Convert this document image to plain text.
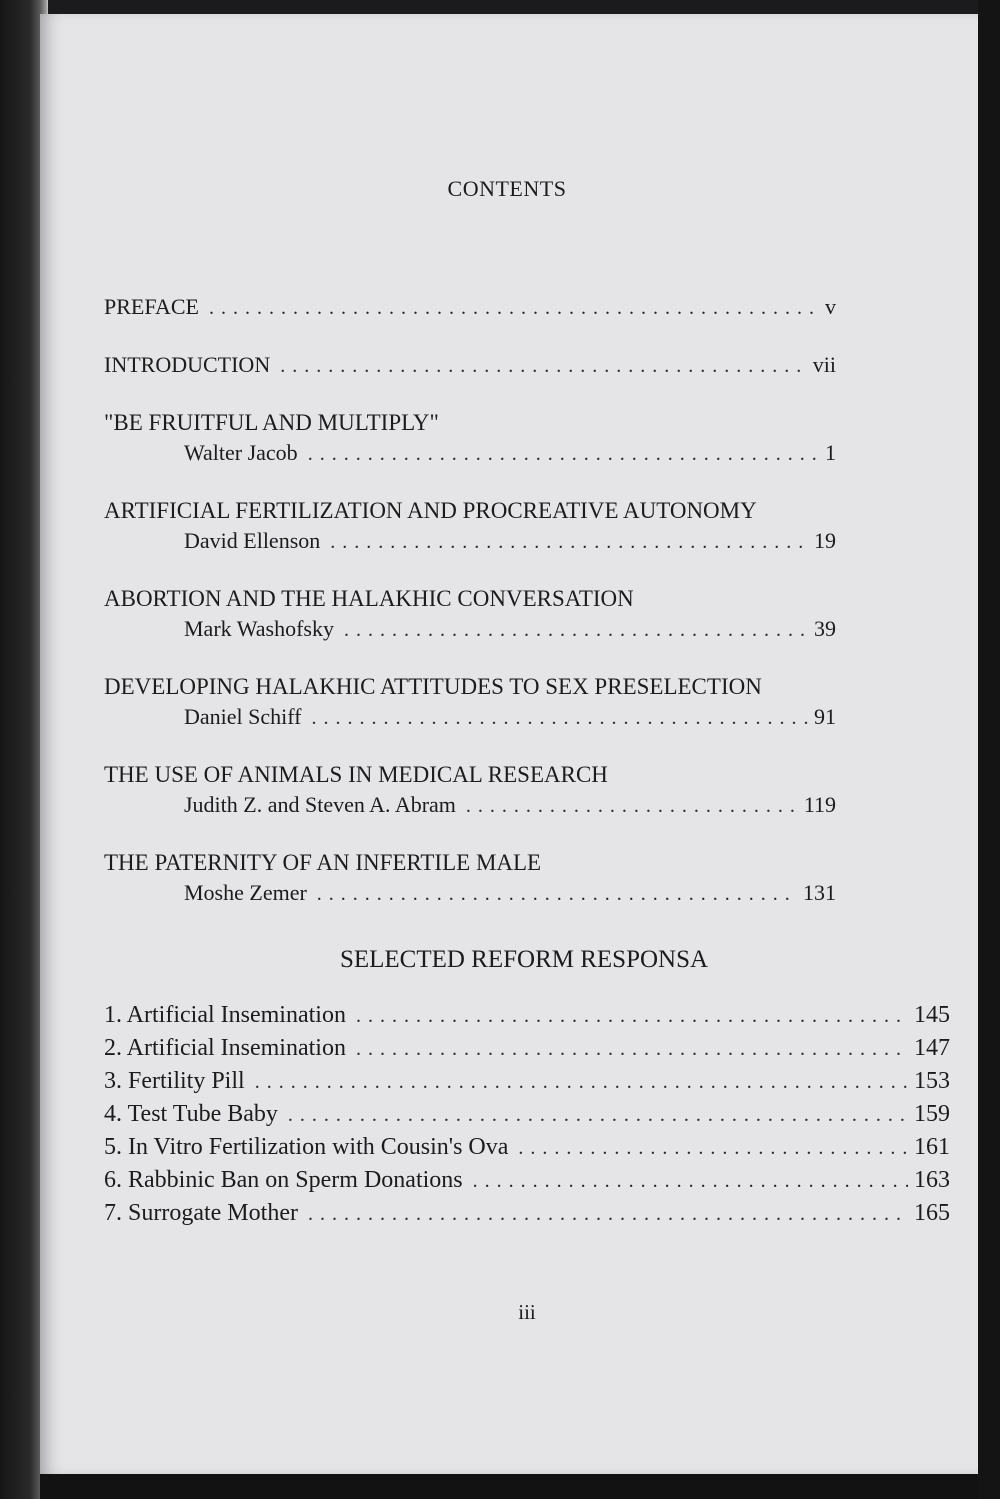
CONTENTS
PREFACE . . .	v
INTRODUCTION . . .	vii
"BE FRUITFUL AND MULTIPLY"
Walter Jacob . . .	1
ARTIFICIAL FERTILIZATION AND PROCREATIVE AUTONOMY
David Ellenson . . .	19
ABORTION AND THE HALAKHIC CONVERSATION
Mark Washofsky . . .	39
DEVELOPING HALAKHIC ATTITUDES TO SEX PRESELECTION
Daniel Schiff . . .	91
THE USE OF ANIMALS IN MEDICAL RESEARCH
Judith Z. and Steven A. Abram . . .	119
THE PATERNITY OF AN INFERTILE MALE
Moshe Zemer . . .	131
SELECTED REFORM RESPONSA
1. Artificial Insemination . . .	145
2. Artificial Insemination . . .	147
3. Fertility Pill . . .	153
4. Test Tube Baby . . .	159
5. In Vitro Fertilization with Cousin's Ova . . .	161
6. Rabbinic Ban on Sperm Donations . . .	163
7. Surrogate Mother . . .	165
iii
